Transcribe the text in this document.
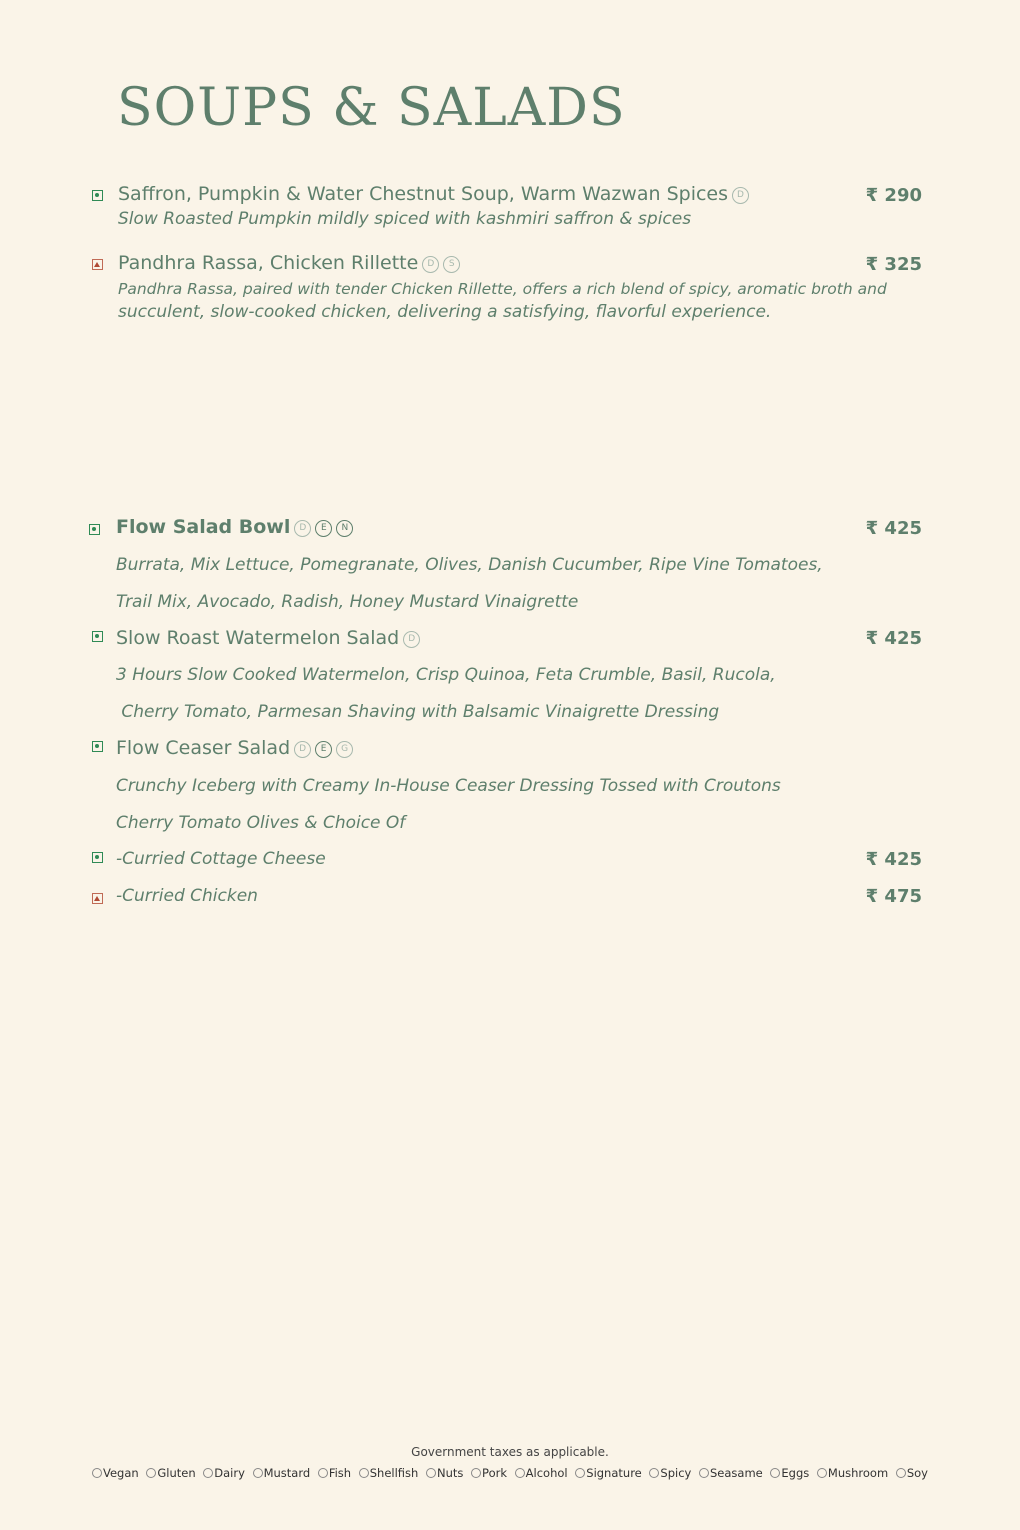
SOUPS & SALADS
Saffron, Pumpkin & Water Chestnut Soup, Warm Wazwan Spices D	₹ 290
Slow Roasted Pumpkin mildly spiced with kashmiri saffron & spices
Pandhra Rassa, Chicken Rillette D S	₹ 325
Pandhra Rassa, paired with tender Chicken Rillette, offers a rich blend of spicy, aromatic broth and
succulent, slow-cooked chicken, delivering a satisfying, flavorful experience.
Flow Salad Bowl D E N	₹ 425
Burrata, Mix Lettuce, Pomegranate, Olives, Danish Cucumber, Ripe Vine Tomatoes,
Trail Mix, Avocado, Radish, Honey Mustard Vinaigrette
Slow Roast Watermelon Salad D	₹ 425
3 Hours Slow Cooked Watermelon, Crisp Quinoa, Feta Crumble, Basil, Rucola,
Cherry Tomato, Parmesan Shaving with Balsamic Vinaigrette Dressing
Flow Ceaser Salad D E G
Crunchy Iceberg with Creamy In-House Ceaser Dressing Tossed with Croutons
Cherry Tomato Olives & Choice Of
-Curried Cottage Cheese	₹ 425
-Curried Chicken	₹ 475
Government taxes as applicable.
Vegan Gluten Dairy Mustard Fish Shellfish Nuts Pork Alcohol Signature Spicy Seasame Eggs Mushroom Soy
